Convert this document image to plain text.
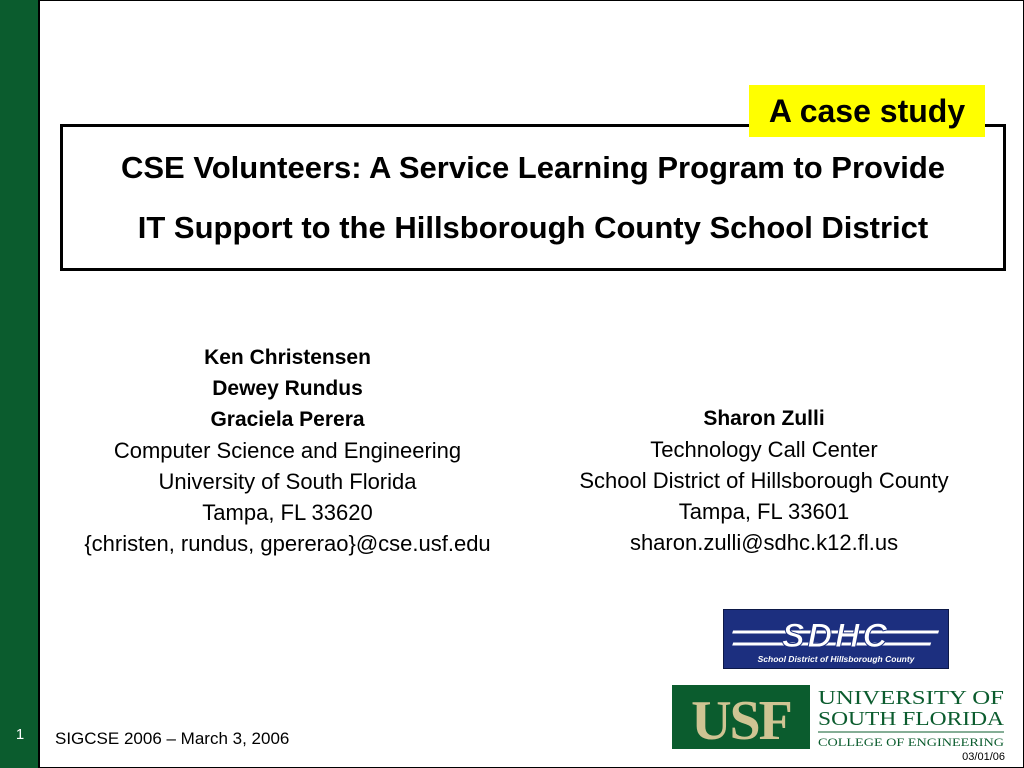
1
CSE Volunteers: A Service Learning Program to Provide
IT Support to the Hillsborough County School District
A case study
Ken Christensen
Dewey Rundus
Graciela Perera
Computer Science and Engineering
University of South Florida
Tampa, FL 33620
{christen, rundus, gpererao}@cse.usf.edu
Sharon Zulli
Technology Call Center
School District of Hillsborough County
Tampa, FL 33601
sharon.zulli@sdhc.k12.fl.us
SDHC
School District of Hillsborough County
USF UNIVERSITY OF
SOUTH FLORIDA
COLLEGE OF ENGINEERING
SIGCSE 2006 – March 3, 2006
03/01/06
